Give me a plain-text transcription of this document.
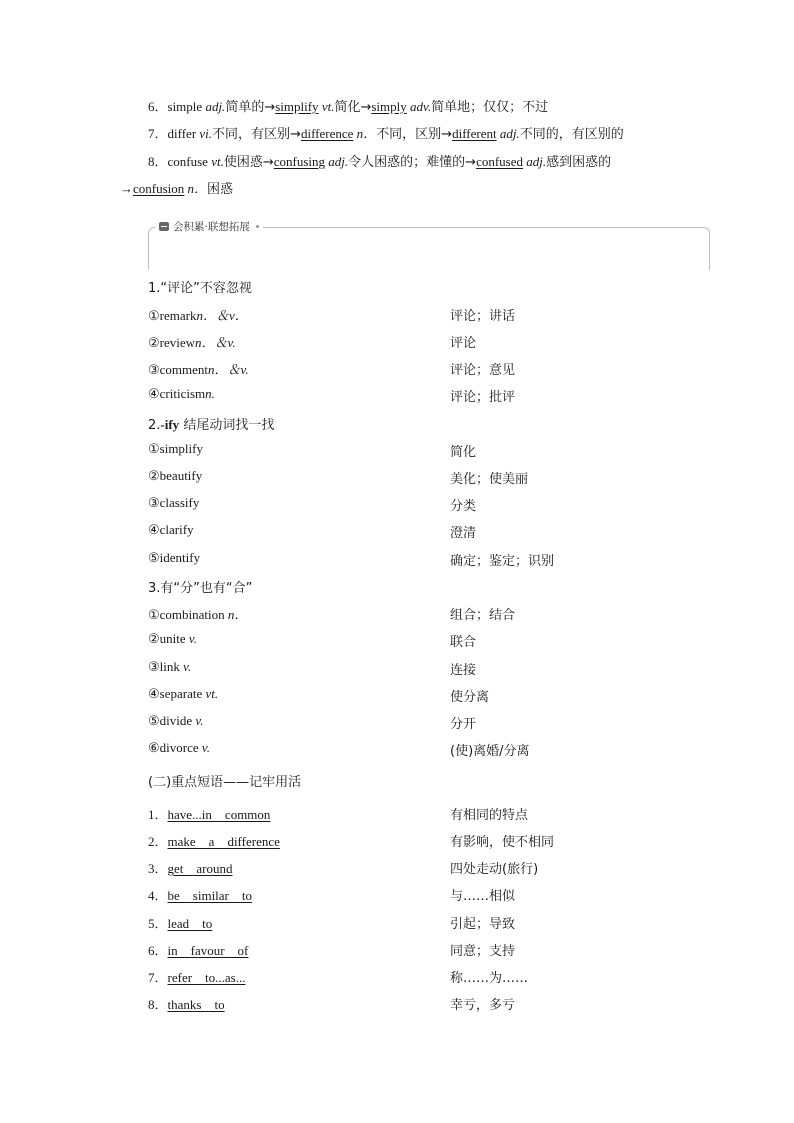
6．simple adj.简单的→simplify vt.简化→simply adv.简单地；仅仅；不过
7．differ vi.不同，有区别→difference n．不同，区别→different adj.不同的，有区别的
8．confuse vt.使困惑→confusing adj.令人困惑的；难懂的→confused adj.感到困惑的
→confusion n．困惑
会积累·联想拓展
1.“评论”不容忽视
①remarkn．＆v．	评论；讲话
②reviewn．＆v.	评论
③commentn．＆v.	评论；意见
④criticismn.	评论；批评
2.-ify 结尾动词找一找
①simplify	简化
②beautify	美化；使美丽
③classify	分类
④clarify	澄清
⑤identify	确定；鉴定；识别
3.有“分”也有“合”
①combination n．	组合；结合
②unite v.	联合
③link v.	连接
④separate vt.	使分离
⑤divide v.	分开
⑥divorce v.	(使)离婚/分离
(二)重点短语——记牢用活
1．have...in　common	有相同的特点
2．make　a　difference	有影响，使不相同
3．get　around	四处走动(旅行)
4．be　similar　to	与……相似
5．lead　to	引起；导致
6．in　favour　of	同意；支持
7．refer　to...as...	称……为……
8．thanks　to	幸亏，多亏
